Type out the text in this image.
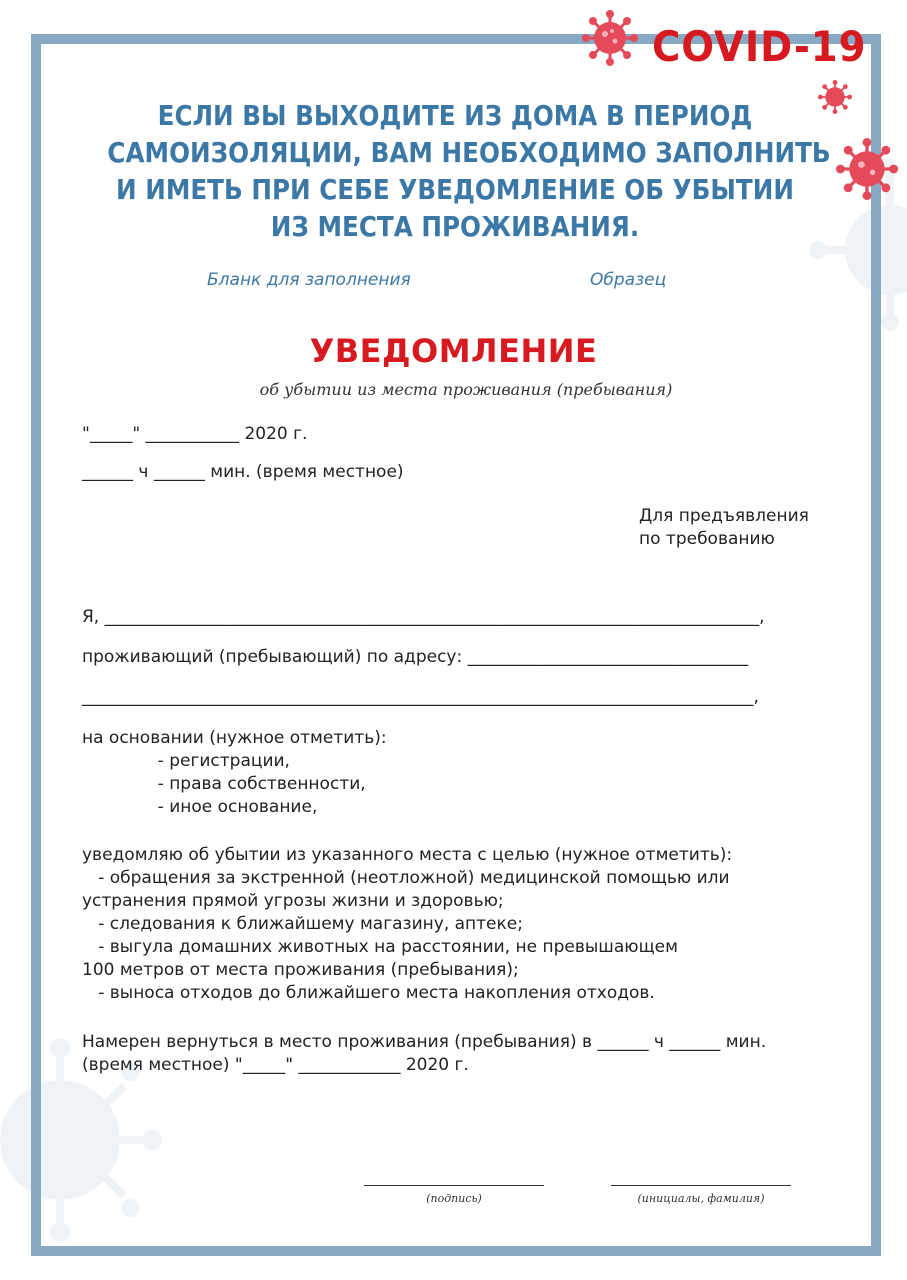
COVID-19
ЕСЛИ ВЫ ВЫХОДИТЕ ИЗ ДОМА В ПЕРИОД
САМОИЗОЛЯЦИИ, ВАМ НЕОБХОДИМО ЗАПОЛНИТЬ
И ИМЕТЬ ПРИ СЕБЕ УВЕДОМЛЕНИЕ ОБ УБЫТИИ
ИЗ МЕСТА ПРОЖИВАНИЯ.
Бланк для заполнения	Образец
УВЕДОМЛЕНИЕ
об убытии из места проживания (пребывания)
"_____" ___________ 2020 г.
______ ч ______ мин. (время местное)
Для предъявления
по требованию
Я, _____________________________________________________________________________,
проживающий (пребывающий) по адресу: _________________________________
_______________________________________________________________________________,
на основании (нужное отметить):
- регистрации,
- права собственности,
- иное основание,
уведомляю об убытии из указанного места с целью (нужное отметить):
- обращения за экстренной (неотложной) медицинской помощью или
устранения прямой угрозы жизни и здоровью;
- следования к ближайшему магазину, аптеке;
- выгула домашних животных на расстоянии, не превышающем
100 метров от места проживания (пребывания);
- выноса отходов до ближайшего места накопления отходов.
Намерен вернуться в место проживания (пребывания) в ______ ч ______ мин.
(время местное) "_____" ____________ 2020 г.
(подпись)	(инициалы, фамилия)
